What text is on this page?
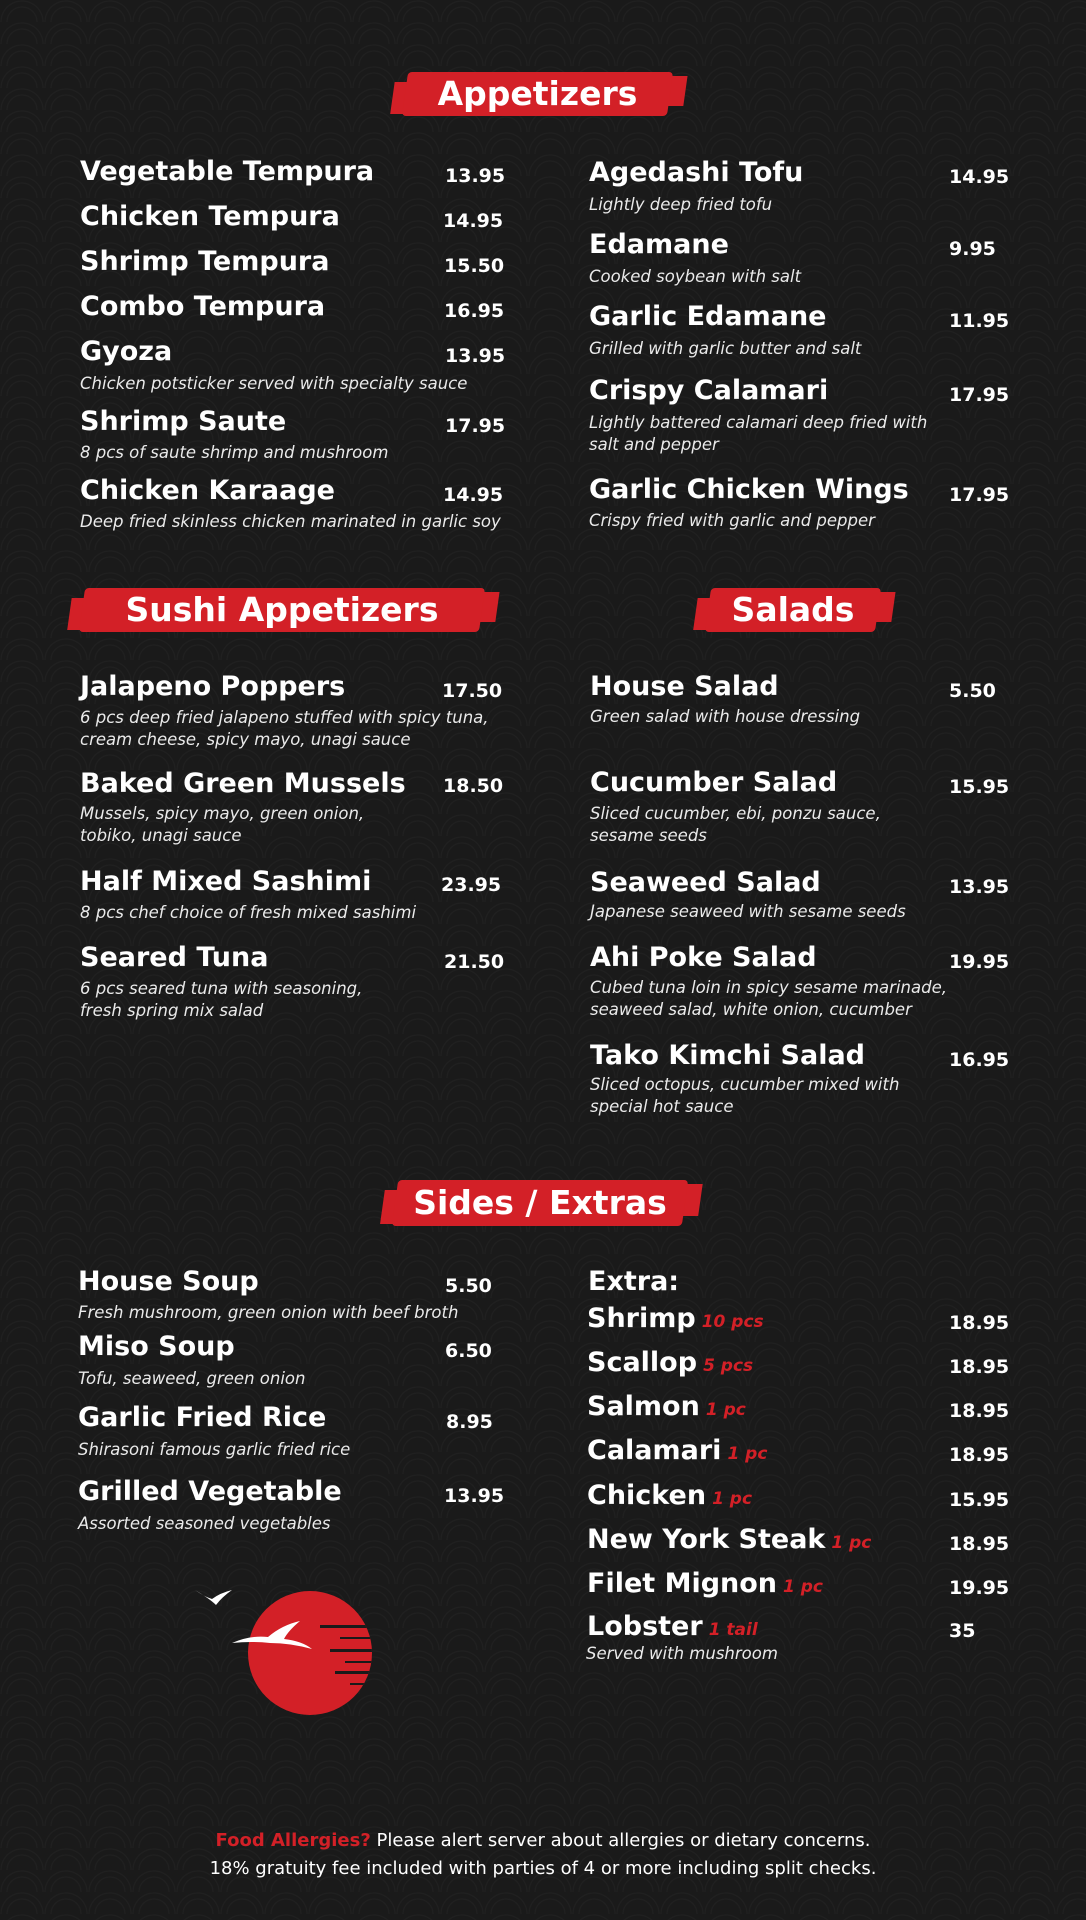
Appetizers
Sushi Appetizers	Salads
Sides / Extras
Vegetable Tempura	13.95
Chicken Tempura	14.95
Shrimp Tempura	15.50
Combo Tempura	16.95
Gyoza	13.95
Chicken potsticker served with specialty sauce
Shrimp Saute	17.95
8 pcs of saute shrimp and mushroom
Chicken Karaage	14.95
Deep fried skinless chicken marinated in garlic soy
Agedashi Tofu	14.95
Lightly deep fried tofu
Edamane	9.95
Cooked soybean with salt
Garlic Edamane	11.95
Grilled with garlic butter and salt
Crispy Calamari	17.95
Lightly battered calamari deep fried with salt and pepper
Garlic Chicken Wings 17.95
Crispy fried with garlic and pepper
Jalapeno Poppers	17.50
6 pcs deep fried jalapeno stuffed with spicy tuna, cream cheese, spicy mayo, unagi sauce
Baked Green Mussels 18.50
Mussels, spicy mayo, green onion, tobiko, unagi sauce
Half Mixed Sashimi	23.95
8 pcs chef choice of fresh mixed sashimi
Seared Tuna	21.50
6 pcs seared tuna with seasoning, fresh spring mix salad
House Salad	5.50
Green salad with house dressing
Cucumber Salad	15.95
Sliced cucumber, ebi, ponzu sauce, sesame seeds
Seaweed Salad	13.95
Japanese seaweed with sesame seeds
Ahi Poke Salad	19.95
Cubed tuna loin in spicy sesame marinade, seaweed salad, white onion, cucumber
Tako Kimchi Salad	16.95
Sliced octopus, cucumber mixed with special hot sauce
House Soup	5.50
Fresh mushroom, green onion with beef broth
Miso Soup	6.50
Tofu, seaweed, green onion
Garlic Fried Rice	8.95
Shirasoni famous garlic fried rice
Grilled Vegetable	13.95
Assorted seasoned vegetables
Extra:
Shrimp 10 pcs	18.95
Scallop 5 pcs	18.95
Salmon 1 pc	18.95
Calamari 1 pc	18.95
Chicken 1 pc	15.95
New York Steak 1 pc	18.95
Filet Mignon 1 pc	19.95
Lobster 1 tail	35
Served with mushroom
Food Allergies? Please alert server about allergies or dietary concerns.
18% gratuity fee included with parties of 4 or more including split checks.
